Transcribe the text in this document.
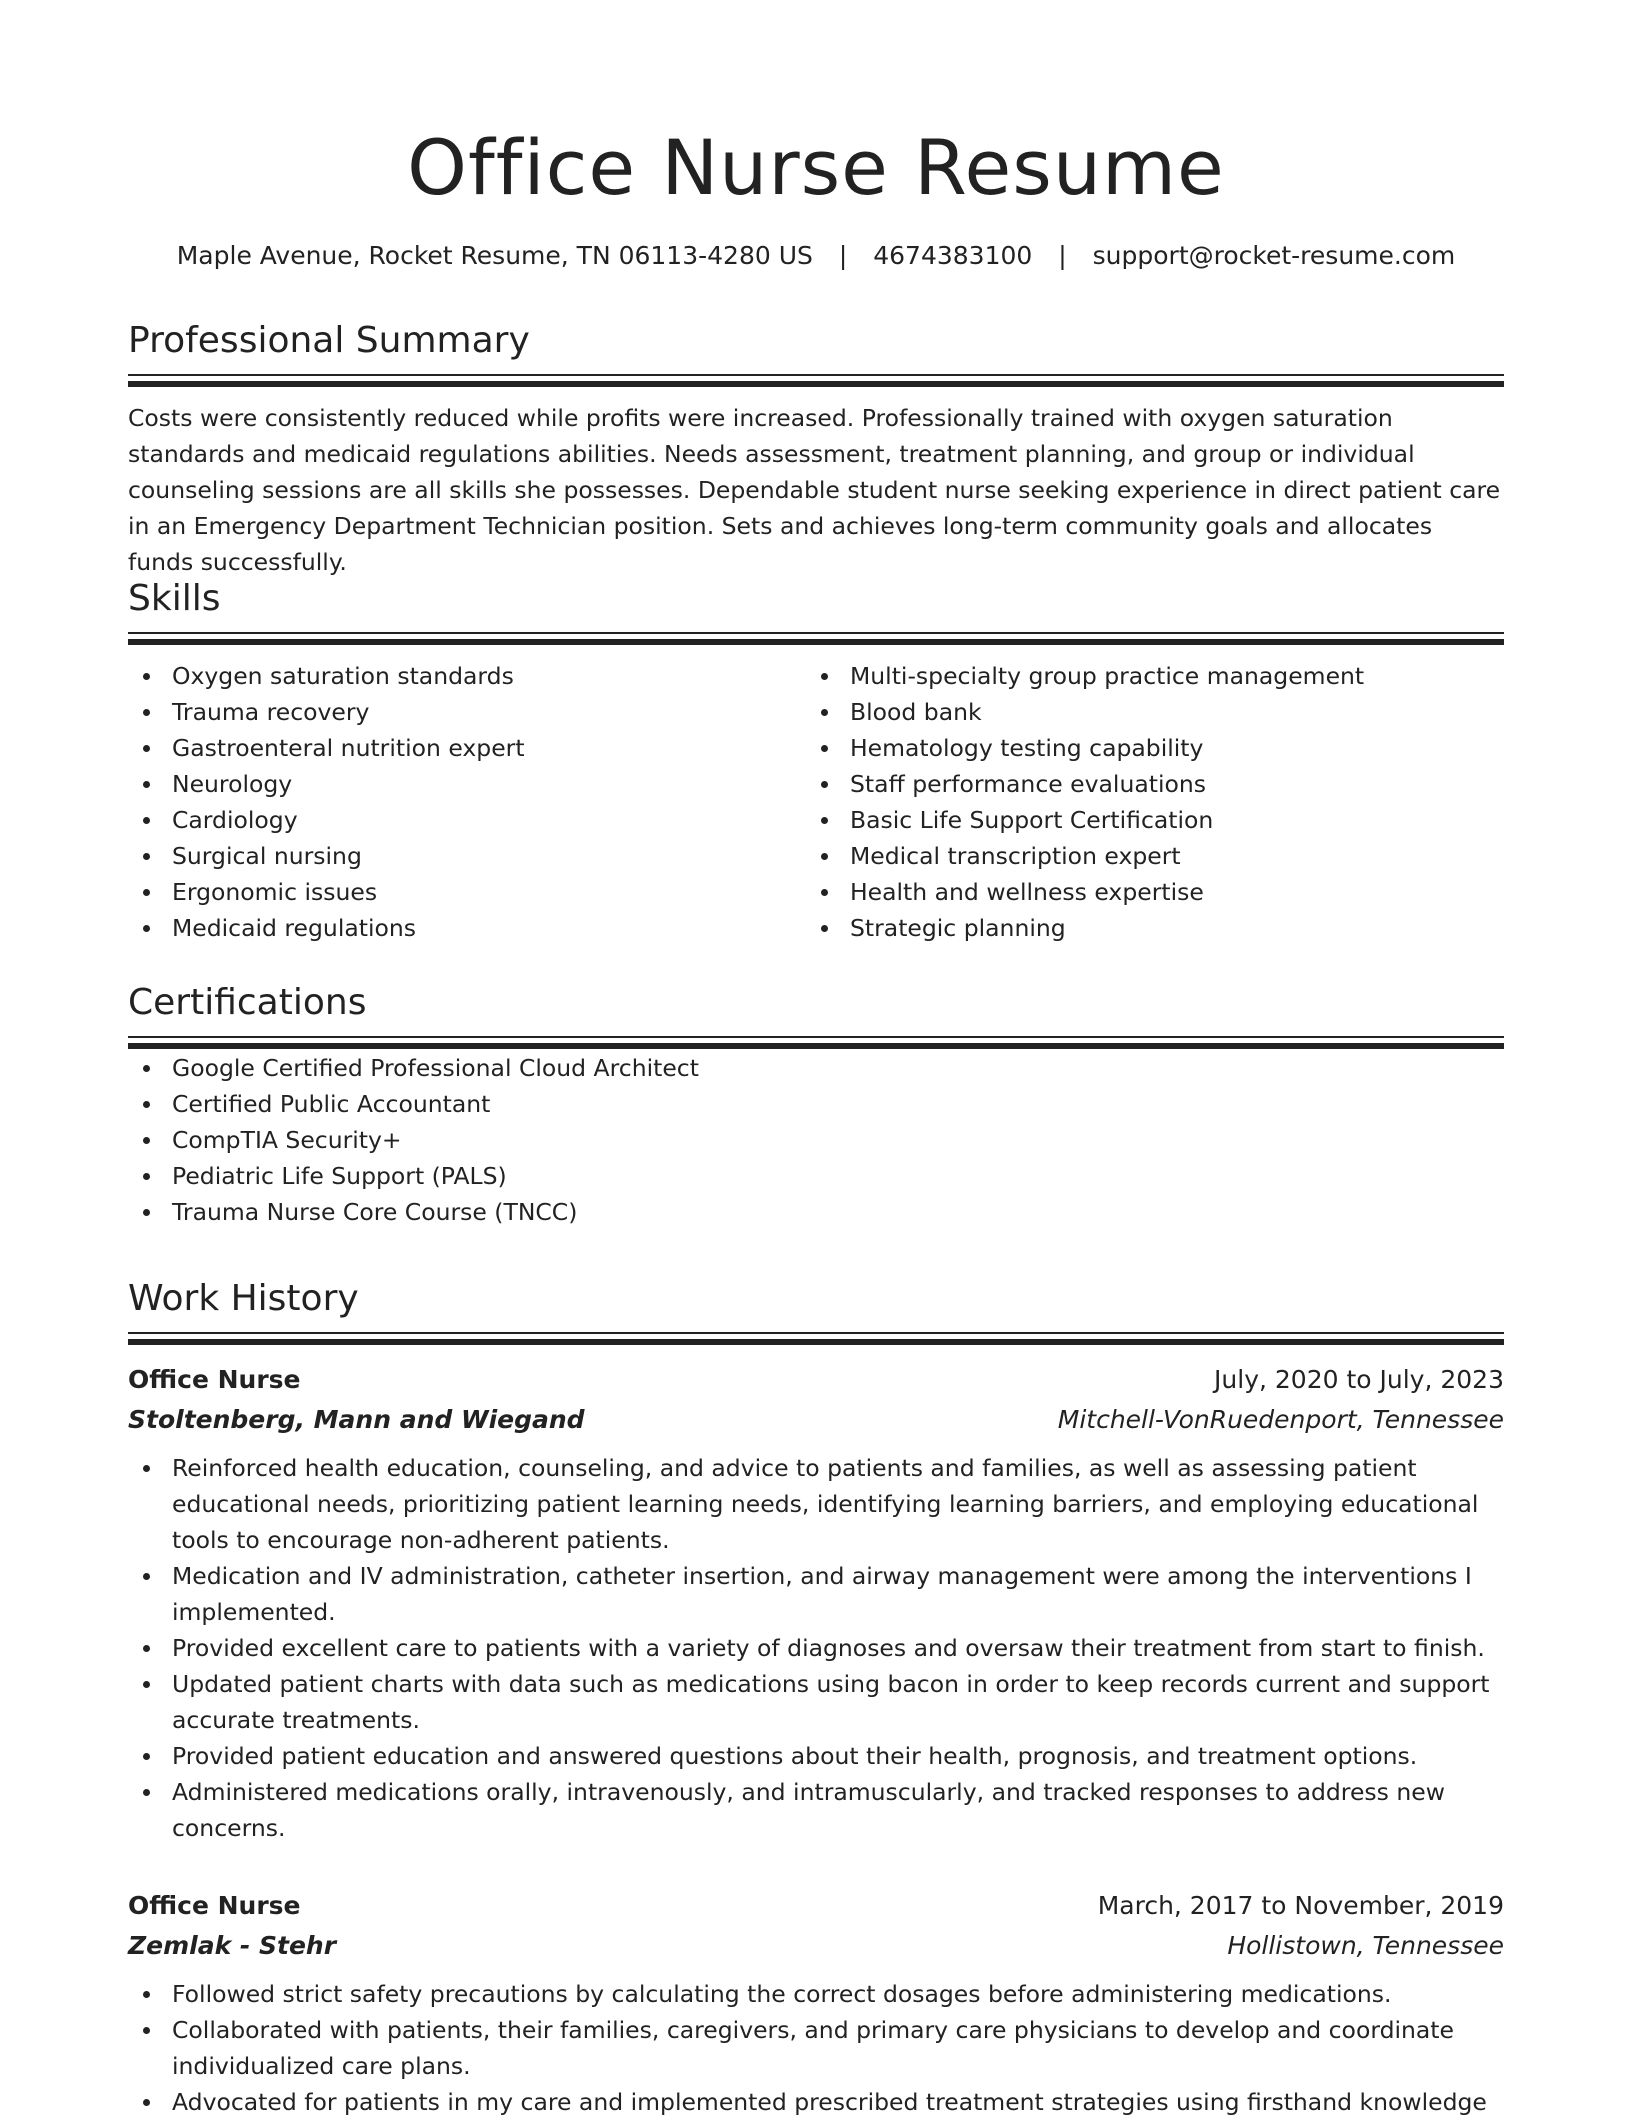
Office Nurse Resume
Maple Avenue, Rocket Resume, TN 06113-4280 US | 4674383100 | support@rocket-resume.com
Professional Summary
Costs were consistently reduced while profits were increased. Professionally trained with oxygen saturation standards and medicaid regulations abilities. Needs assessment, treatment planning, and group or individual counseling sessions are all skills she possesses. Dependable student nurse seeking experience in direct patient care in an Emergency Department Technician position. Sets and achieves long-term community goals and allocates funds successfully.
Skills
Oxygen saturation standards
Trauma recovery
Gastroenteral nutrition expert
Neurology
Cardiology
Surgical nursing
Ergonomic issues
Medicaid regulations
Multi-specialty group practice management
Blood bank
Hematology testing capability
Staff performance evaluations
Basic Life Support Certification
Medical transcription expert
Health and wellness expertise
Strategic planning
Certifications
Google Certified Professional Cloud Architect
Certified Public Accountant
CompTIA Security+
Pediatric Life Support (PALS)
Trauma Nurse Core Course (TNCC)
Work History
Office Nurse	July, 2020 to July, 2023
Stoltenberg, Mann and Wiegand	Mitchell-VonRuedenport, Tennessee
Reinforced health education, counseling, and advice to patients and families, as well as assessing patient educational needs, prioritizing patient learning needs, identifying learning barriers, and employing educational tools to encourage non-adherent patients.
Medication and IV administration, catheter insertion, and airway management were among the interventions I implemented.
Provided excellent care to patients with a variety of diagnoses and oversaw their treatment from start to finish.
Updated patient charts with data such as medications using bacon in order to keep records current and support accurate treatments.
Provided patient education and answered questions about their health, prognosis, and treatment options.
Administered medications orally, intravenously, and intramuscularly, and tracked responses to address new concerns.
Office Nurse	March, 2017 to November, 2019
Zemlak - Stehr	Hollistown, Tennessee
Followed strict safety precautions by calculating the correct dosages before administering medications.
Collaborated with patients, their families, caregivers, and primary care physicians to develop and coordinate individualized care plans.
Advocated for patients in my care and implemented prescribed treatment strategies using firsthand knowledge
